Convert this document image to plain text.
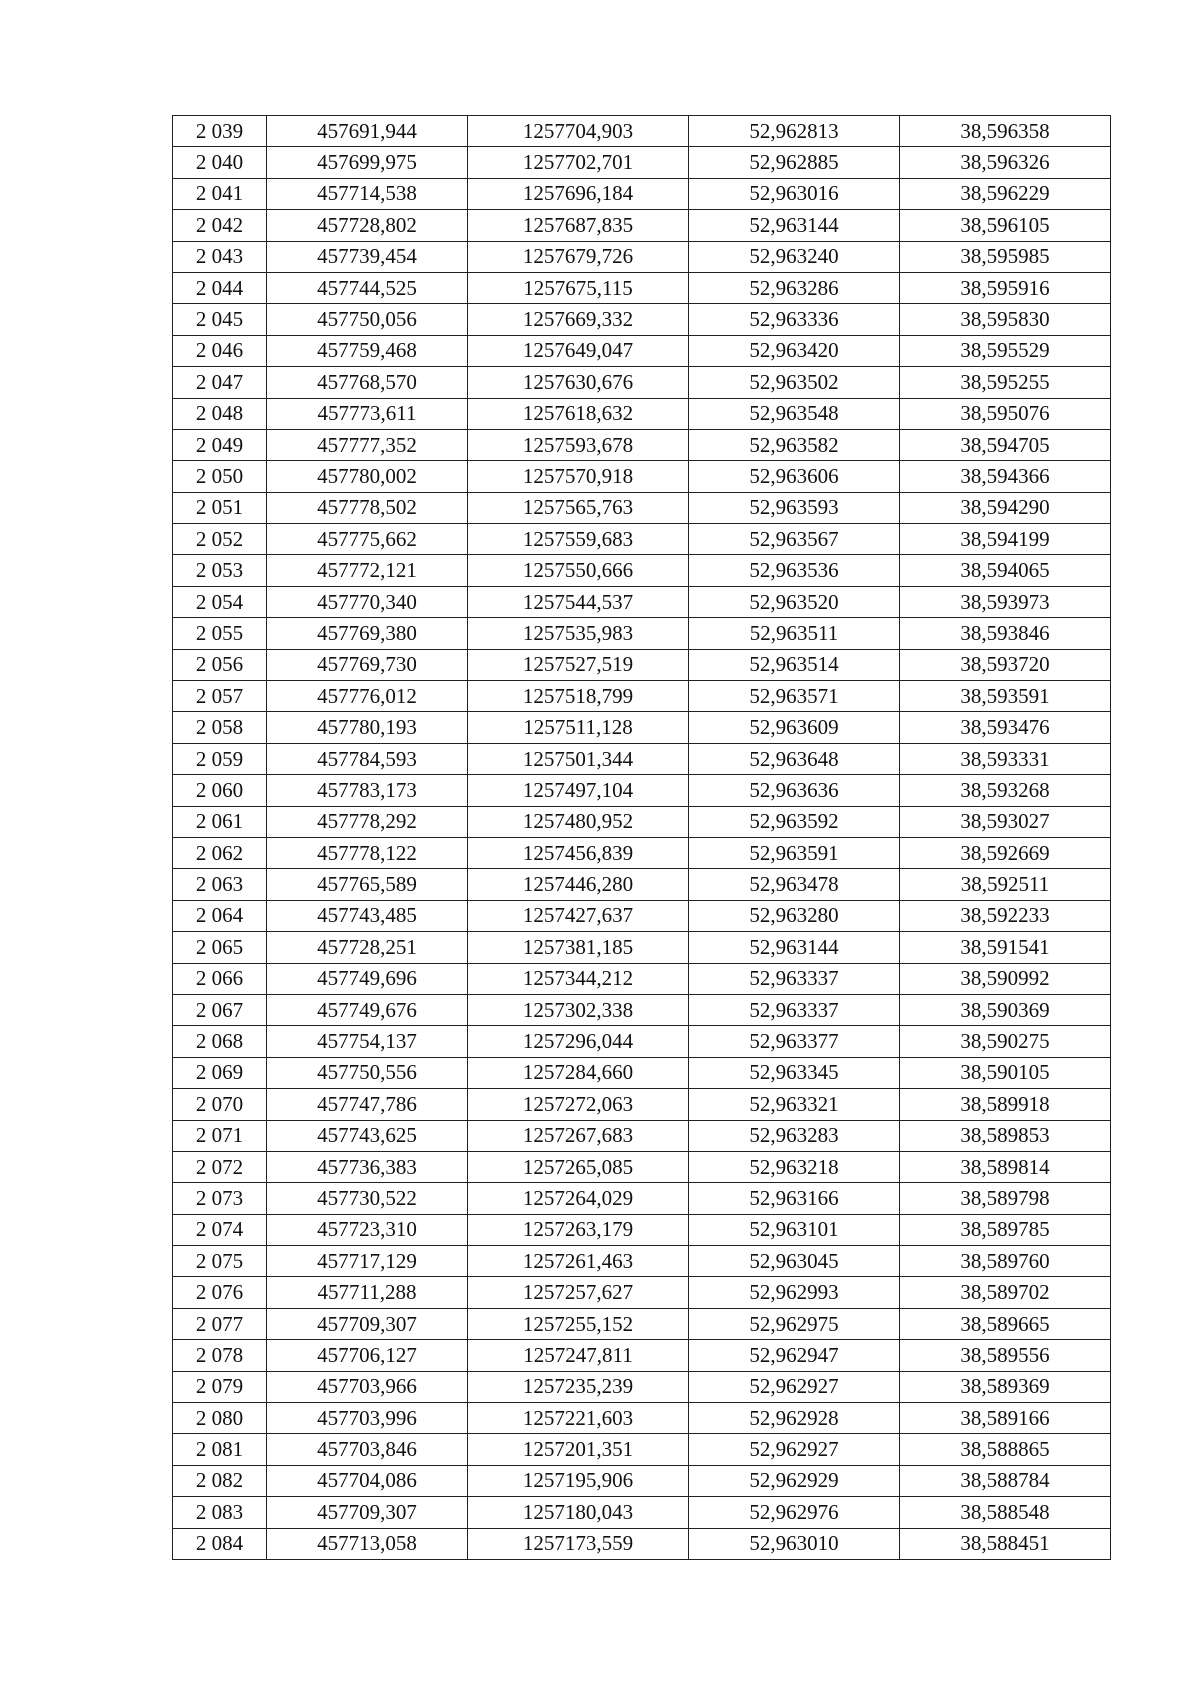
2 039	457691,944	1257704,903	52,962813	38,596358
2 040	457699,975	1257702,701	52,962885	38,596326
2 041	457714,538	1257696,184	52,963016	38,596229
2 042	457728,802	1257687,835	52,963144	38,596105
2 043	457739,454	1257679,726	52,963240	38,595985
2 044	457744,525	1257675,115	52,963286	38,595916
2 045	457750,056	1257669,332	52,963336	38,595830
2 046	457759,468	1257649,047	52,963420	38,595529
2 047	457768,570	1257630,676	52,963502	38,595255
2 048	457773,611	1257618,632	52,963548	38,595076
2 049	457777,352	1257593,678	52,963582	38,594705
2 050	457780,002	1257570,918	52,963606	38,594366
2 051	457778,502	1257565,763	52,963593	38,594290
2 052	457775,662	1257559,683	52,963567	38,594199
2 053	457772,121	1257550,666	52,963536	38,594065
2 054	457770,340	1257544,537	52,963520	38,593973
2 055	457769,380	1257535,983	52,963511	38,593846
2 056	457769,730	1257527,519	52,963514	38,593720
2 057	457776,012	1257518,799	52,963571	38,593591
2 058	457780,193	1257511,128	52,963609	38,593476
2 059	457784,593	1257501,344	52,963648	38,593331
2 060	457783,173	1257497,104	52,963636	38,593268
2 061	457778,292	1257480,952	52,963592	38,593027
2 062	457778,122	1257456,839	52,963591	38,592669
2 063	457765,589	1257446,280	52,963478	38,592511
2 064	457743,485	1257427,637	52,963280	38,592233
2 065	457728,251	1257381,185	52,963144	38,591541
2 066	457749,696	1257344,212	52,963337	38,590992
2 067	457749,676	1257302,338	52,963337	38,590369
2 068	457754,137	1257296,044	52,963377	38,590275
2 069	457750,556	1257284,660	52,963345	38,590105
2 070	457747,786	1257272,063	52,963321	38,589918
2 071	457743,625	1257267,683	52,963283	38,589853
2 072	457736,383	1257265,085	52,963218	38,589814
2 073	457730,522	1257264,029	52,963166	38,589798
2 074	457723,310	1257263,179	52,963101	38,589785
2 075	457717,129	1257261,463	52,963045	38,589760
2 076	457711,288	1257257,627	52,962993	38,589702
2 077	457709,307	1257255,152	52,962975	38,589665
2 078	457706,127	1257247,811	52,962947	38,589556
2 079	457703,966	1257235,239	52,962927	38,589369
2 080	457703,996	1257221,603	52,962928	38,589166
2 081	457703,846	1257201,351	52,962927	38,588865
2 082	457704,086	1257195,906	52,962929	38,588784
2 083	457709,307	1257180,043	52,962976	38,588548
2 084	457713,058	1257173,559	52,963010	38,588451
